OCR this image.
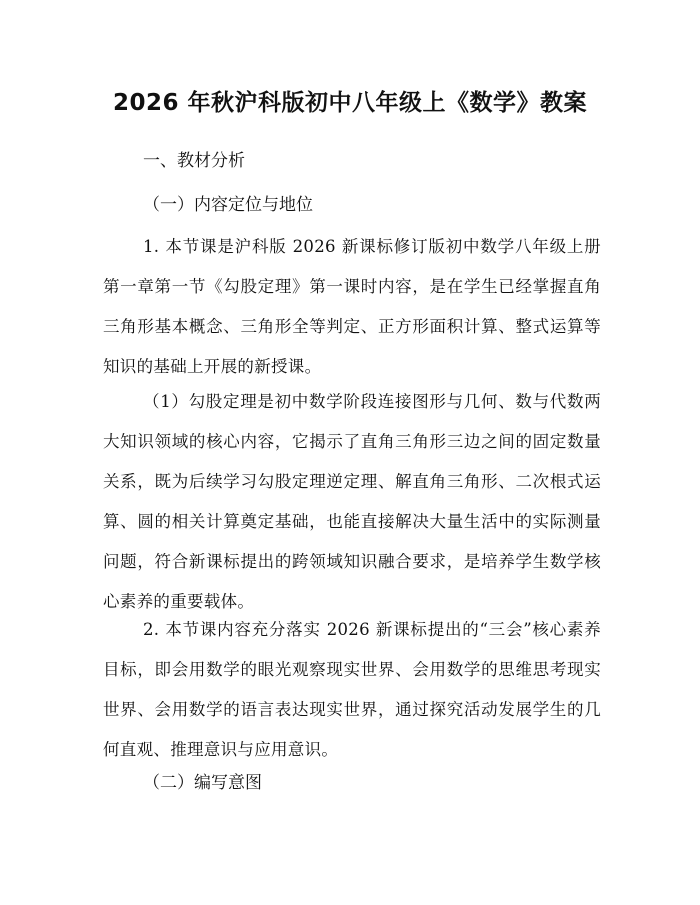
2026 年秋沪科版初中八年级上《数学》教案
一、教材分析
（一）内容定位与地位

1. 本节课是沪科版 2026 新课标修订版初中数学八年级上册第一章第一节《勾股定理》第一课时内容，是在学生已经掌握直角三角形基本概念、三角形全等判定、正方形面积计算、整式运算等知识的基础上开展的新授课。

（1）勾股定理是初中数学阶段连接图形与几何、数与代数两大知识领域的核心内容，它揭示了直角三角形三边之间的固定数量关系，既为后续学习勾股定理逆定理、解直角三角形、二次根式运算、圆的相关计算奠定基础，也能直接解决大量生活中的实际测量问题，符合新课标提出的跨领域知识融合要求，是培养学生数学核心素养的重要载体。

2. 本节课内容充分落实 2026 新课标提出的“三会”核心素养目标，即会用数学的眼光观察现实世界、会用数学的思维思考现实世界、会用数学的语言表达现实世界，通过探究活动发展学生的几何直观、推理意识与应用意识。

（二）编写意图
